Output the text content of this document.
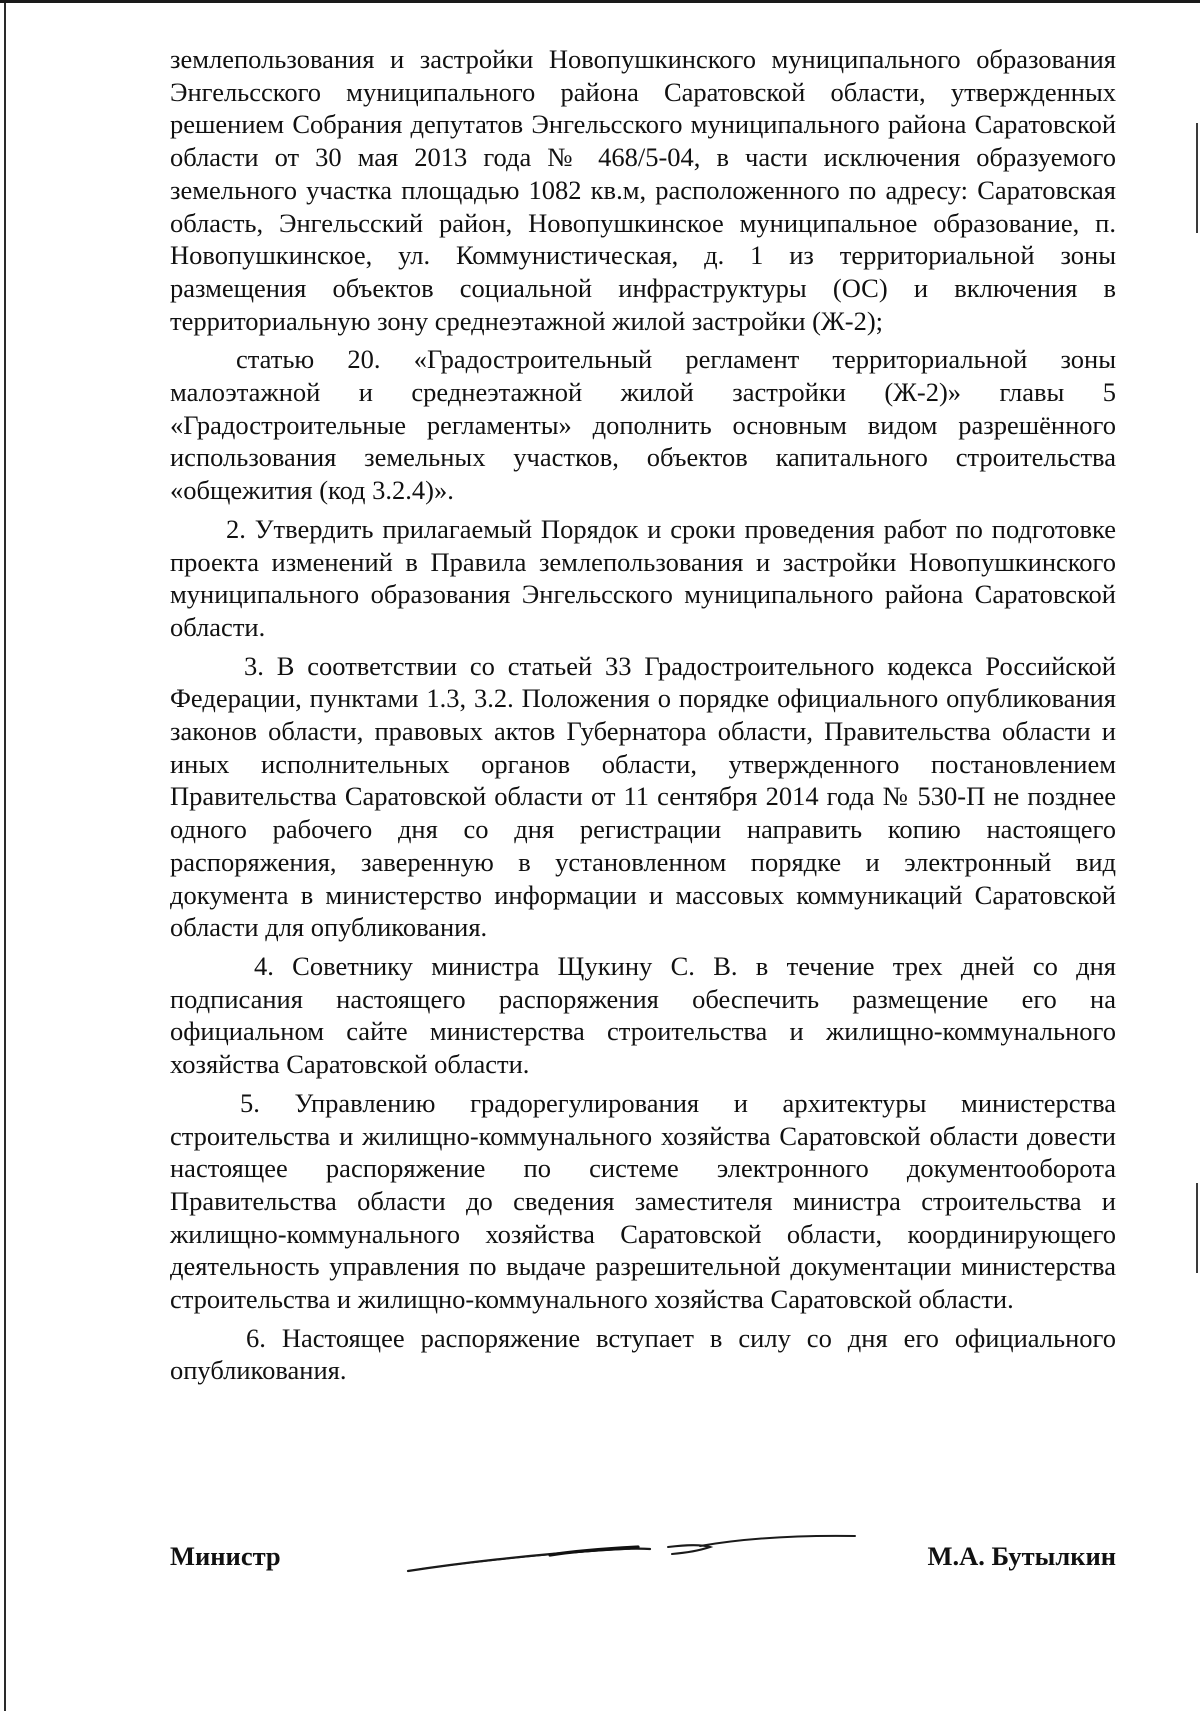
землепользования и застройки Новопушкинского муниципального образования Энгельсского муниципального района Саратовской области, утвержденных решением Собрания депутатов Энгельсского муниципального района Саратовской области от 30 мая 2013 года № 468/5-04, в части исключения образуемого земельного участка площадью 1082 кв.м, расположенного по адресу: Саратовская область, Энгельсский район, Новопушкинское муниципальное образование, п. Новопушкинское, ул. Коммунистическая, д. 1 из территориальной зоны размещения объектов социальной инфраструктуры (ОС) и включения в территориальную зону среднеэтажной жилой застройки (Ж-2);

статью 20. «Градостроительный регламент территориальной зоны малоэтажной и среднеэтажной жилой застройки (Ж-2)» главы 5 «Градостроительные регламенты» дополнить основным видом разрешённого использования земельных участков, объектов капитального строительства «общежития (код 3.2.4)».

2. Утвердить прилагаемый Порядок и сроки проведения работ по подготовке проекта изменений в Правила землепользования и застройки Новопушкинского муниципального образования Энгельсского муниципального района Саратовской области.

3. В соответствии со статьей 33 Градостроительного кодекса Российской Федерации, пунктами 1.3, 3.2. Положения о порядке официального опубликования законов области, правовых актов Губернатора области, Правительства области и иных исполнительных органов области, утвержденного постановлением Правительства Саратовской области от 11 сентября 2014 года № 530-П не позднее одного рабочего дня со дня регистрации направить копию настоящего распоряжения, заверенную в установленном порядке и электронный вид документа в министерство информации и массовых коммуникаций Саратовской области для опубликования.

4. Советнику министра Щукину С. В. в течение трех дней со дня подписания настоящего распоряжения обеспечить размещение его на официальном сайте министерства строительства и жилищно-коммунального хозяйства Саратовской области.

5. Управлению градорегулирования и архитектуры министерства строительства и жилищно-коммунального хозяйства Саратовской области довести настоящее распоряжение по системе электронного документооборота Правительства области до сведения заместителя министра строительства и жилищно-коммунального хозяйства Саратовской области, координирующего деятельность управления по выдаче разрешительной документации министерства строительства и жилищно-коммунального хозяйства Саратовской области.

6. Настоящее распоряжение вступает в силу со дня его официального опубликования.

Министр	М.А. Бутылкин
